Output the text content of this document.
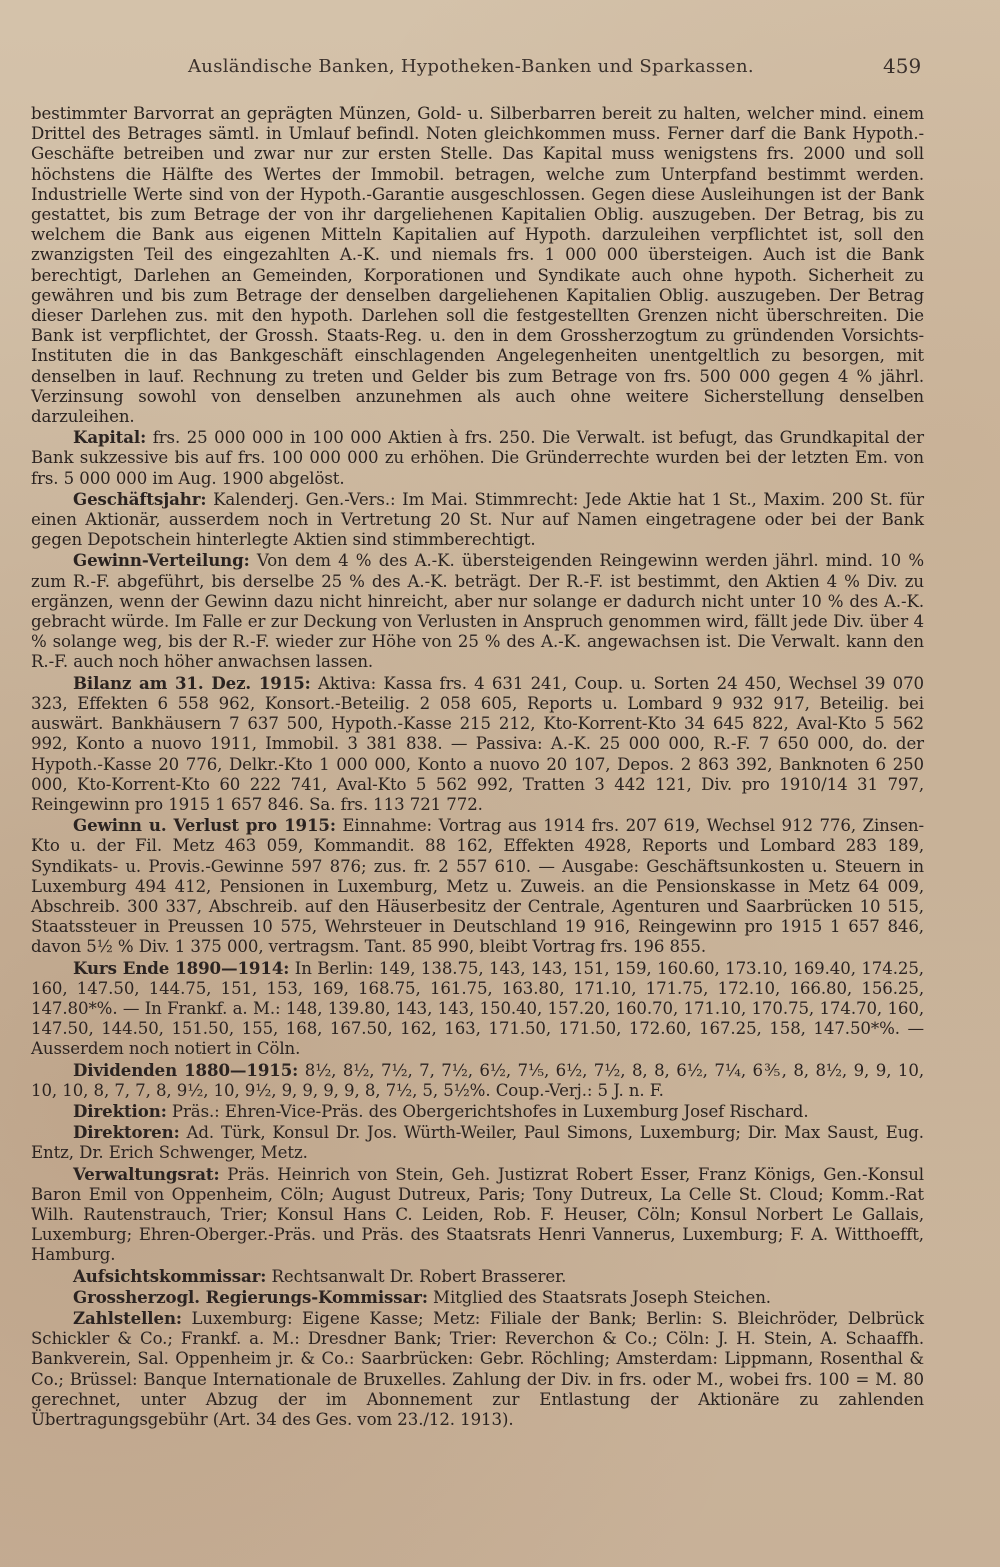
Ausländische Banken, Hypotheken-Banken und Sparkassen.	459

bestimmter Barvorrat an geprägten Münzen, Gold- u. Silberbarren bereit zu halten, welcher mind. einem Drittel des Betrages sämtl. in Umlauf befindl. Noten gleichkommen muss. Ferner darf die Bank Hypoth.-Geschäfte betreiben und zwar nur zur ersten Stelle. Das Kapital muss wenigstens frs. 2000 und soll höchstens die Hälfte des Wertes der Immobil. betragen, welche zum Unterpfand bestimmt werden. Industrielle Werte sind von der Hypoth.-Garantie ausgeschlossen. Gegen diese Ausleihungen ist der Bank gestattet, bis zum Betrage der von ihr dargeliehenen Kapitalien Oblig. auszugeben. Der Betrag, bis zu welchem die Bank aus eigenen Mitteln Kapitalien auf Hypoth. darzuleihen verpflichtet ist, soll den zwanzigsten Teil des eingezahlten A.-K. und niemals frs. 1 000 000 übersteigen. Auch ist die Bank berechtigt, Darlehen an Gemeinden, Korporationen und Syndikate auch ohne hypoth. Sicherheit zu gewähren und bis zum Betrage der denselben dargeliehenen Kapitalien Oblig. auszugeben. Der Betrag dieser Darlehen zus. mit den hypoth. Darlehen soll die festgestellten Grenzen nicht überschreiten. Die Bank ist verpflichtet, der Grossh. Staats-Reg. u. den in dem Grossherzogtum zu gründenden Vorsichts-Instituten die in das Bankgeschäft einschlagenden Angelegenheiten unentgeltlich zu besorgen, mit denselben in lauf. Rechnung zu treten und Gelder bis zum Betrage von frs. 500 000 gegen 4 % jährl. Verzinsung sowohl von denselben anzunehmen als auch ohne weitere Sicherstellung denselben darzuleihen.

Kapital: frs. 25 000 000 in 100 000 Aktien à frs. 250. Die Verwalt. ist befugt, das Grundkapital der Bank sukzessive bis auf frs. 100 000 000 zu erhöhen. Die Gründerrechte wurden bei der letzten Em. von frs. 5 000 000 im Aug. 1900 abgelöst.

Geschäftsjahr: Kalenderj. Gen.-Vers.: Im Mai. Stimmrecht: Jede Aktie hat 1 St., Maxim. 200 St. für einen Aktionär, ausserdem noch in Vertretung 20 St. Nur auf Namen eingetragene oder bei der Bank gegen Depotschein hinterlegte Aktien sind stimmberechtigt.

Gewinn-Verteilung: Von dem 4 % des A.-K. übersteigenden Reingewinn werden jährl. mind. 10 % zum R.-F. abgeführt, bis derselbe 25 % des A.-K. beträgt. Der R.-F. ist bestimmt, den Aktien 4 % Div. zu ergänzen, wenn der Gewinn dazu nicht hinreicht, aber nur solange er dadurch nicht unter 10 % des A.-K. gebracht würde. Im Falle er zur Deckung von Verlusten in Anspruch genommen wird, fällt jede Div. über 4 % solange weg, bis der R.-F. wieder zur Höhe von 25 % des A.-K. angewachsen ist. Die Verwalt. kann den R.-F. auch noch höher anwachsen lassen.

Bilanz am 31. Dez. 1915: Aktiva: Kassa frs. 4 631 241, Coup. u. Sorten 24 450, Wechsel 39 070 323, Effekten 6 558 962, Konsort.-Beteilig. 2 058 605, Reports u. Lombard 9 932 917, Beteilig. bei auswärt. Bankhäusern 7 637 500, Hypoth.-Kasse 215 212, Kto-Korrent-Kto 34 645 822, Aval-Kto 5 562 992, Konto a nuovo 1911, Immobil. 3 381 838. — Passiva: A.-K. 25 000 000, R.-F. 7 650 000, do. der Hypoth.-Kasse 20 776, Delkr.-Kto 1 000 000, Konto a nuovo 20 107, Depos. 2 863 392, Banknoten 6 250 000, Kto-Korrent-Kto 60 222 741, Aval-Kto 5 562 992, Tratten 3 442 121, Div. pro 1910/14 31 797, Reingewinn pro 1915 1 657 846. Sa. frs. 113 721 772.

Gewinn u. Verlust pro 1915: Einnahme: Vortrag aus 1914 frs. 207 619, Wechsel 912 776, Zinsen-Kto u. der Fil. Metz 463 059, Kommandit. 88 162, Effekten 4928, Reports und Lombard 283 189, Syndikats- u. Provis.-Gewinne 597 876; zus. fr. 2 557 610. — Ausgabe: Geschäftsunkosten u. Steuern in Luxemburg 494 412, Pensionen in Luxemburg, Metz u. Zuweis. an die Pensionskasse in Metz 64 009, Abschreib. 300 337, Abschreib. auf den Häuserbesitz der Centrale, Agenturen und Saarbrücken 10 515, Staatssteuer in Preussen 10 575, Wehrsteuer in Deutschland 19 916, Reingewinn pro 1915 1 657 846, davon 5½ % Div. 1 375 000, vertragsm. Tant. 85 990, bleibt Vortrag frs. 196 855.

Kurs Ende 1890—1914: In Berlin: 149, 138.75, 143, 143, 151, 159, 160.60, 173.10, 169.40, 174.25, 160, 147.50, 144.75, 151, 153, 169, 168.75, 161.75, 163.80, 171.10, 171.75, 172.10, 166.80, 156.25, 147.80*%. — In Frankf. a. M.: 148, 139.80, 143, 143, 150.40, 157.20, 160.70, 171.10, 170.75, 174.70, 160, 147.50, 144.50, 151.50, 155, 168, 167.50, 162, 163, 171.50, 171.50, 172.60, 167.25, 158, 147.50*%. — Ausserdem noch notiert in Cöln.

Dividenden 1880—1915: 8½, 8½, 7½, 7, 7½, 6½, 7⅕, 6½, 7½, 8, 8, 6½, 7¼, 6⅗, 8, 8½, 9, 9, 10, 10, 10, 8, 7, 7, 8, 9½, 10, 9½, 9, 9, 9, 9, 8, 7½, 5, 5½%. Coup.-Verj.: 5 J. n. F.

Direktion: Präs.: Ehren-Vice-Präs. des Obergerichtshofes in Luxemburg Josef Rischard.

Direktoren: Ad. Türk, Konsul Dr. Jos. Würth-Weiler, Paul Simons, Luxemburg; Dir. Max Saust, Eug. Entz, Dr. Erich Schwenger, Metz.

Verwaltungsrat: Präs. Heinrich von Stein, Geh. Justizrat Robert Esser, Franz Königs, Gen.-Konsul Baron Emil von Oppenheim, Cöln; August Dutreux, Paris; Tony Dutreux, La Celle St. Cloud; Komm.-Rat Wilh. Rautenstrauch, Trier; Konsul Hans C. Leiden, Rob. F. Heuser, Cöln; Konsul Norbert Le Gallais, Luxemburg; Ehren-Oberger.-Präs. und Präs. des Staatsrats Henri Vannerus, Luxemburg; F. A. Witthoefft, Hamburg.

Aufsichtskommissar: Rechtsanwalt Dr. Robert Brasserer.

Grossherzogl. Regierungs-Kommissar: Mitglied des Staatsrats Joseph Steichen.

Zahlstellen: Luxemburg: Eigene Kasse; Metz: Filiale der Bank; Berlin: S. Bleichröder, Delbrück Schickler & Co.; Frankf. a. M.: Dresdner Bank; Trier: Reverchon & Co.; Cöln: J. H. Stein, A. Schaaffh. Bankverein, Sal. Oppenheim jr. & Co.: Saarbrücken: Gebr. Röchling; Amsterdam: Lippmann, Rosenthal & Co.; Brüssel: Banque Internationale de Bruxelles. Zahlung der Div. in frs. oder M., wobei frs. 100 = M. 80 gerechnet, unter Abzug der im Abonnement zur Entlastung der Aktionäre zu zahlenden Übertragungsgebühr (Art. 34 des Ges. vom 23./12. 1913).
